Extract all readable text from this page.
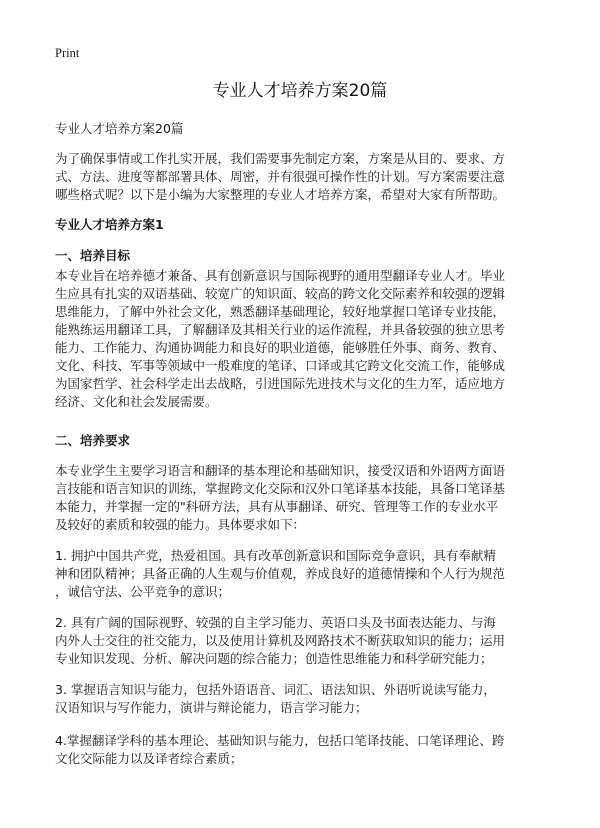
Print
专业人才培养方案20篇
专业人才培养方案20篇

为了确保事情或工作扎实开展，我们需要事先制定方案，方案是从目的、要求、方
式、方法、进度等都部署具体、周密，并有很强可操作性的计划。写方案需要注意
哪些格式呢？以下是小编为大家整理的专业人才培养方案，希望对大家有所帮助。

专业人才培养方案1
一、培养目标

本专业旨在培养德才兼备、具有创新意识与国际视野的通用型翻译专业人才。毕业
生应具有扎实的双语基础、较宽广的知识面、较高的跨文化交际素养和较强的逻辑
思维能力，了解中外社会文化，熟悉翻译基础理论，较好地掌握口笔译专业技能，
能熟练运用翻译工具，了解翻译及其相关行业的运作流程，并具备较强的独立思考
能力、工作能力、沟通协调能力和良好的职业道德，能够胜任外事、商务、教育、
文化、科技、军事等领域中一般难度的笔译、口译或其它跨文化交流工作，能够成
为国家哲学、社会科学走出去战略，引进国际先进技术与文化的生力军，适应地方
经济、文化和社会发展需要。

二、培养要求

本专业学生主要学习语言和翻译的基本理论和基础知识，接受汉语和外语两方面语
言技能和语言知识的训练，掌握跨文化交际和汉外口笔译基本技能，具备口笔译基
本能力，并掌握一定的"科研方法，具有从事翻译、研究、管理等工作的专业水平
及较好的素质和较强的能力。具体要求如下：

1. 拥护中国共产党，热爱祖国。具有改革创新意识和国际竞争意识，具有奉献精
神和团队精神；具备正确的人生观与价值观，养成良好的道德情操和个人行为规范
，诚信守法、公平竞争的意识；

2. 具有广阔的国际视野、较强的自主学习能力、英语口头及书面表达能力、与海
内外人士交往的社交能力，以及使用计算机及网路技术不断获取知识的能力；运用
专业知识发现、分析、解决问题的综合能力；创造性思维能力和科学研究能力；

3. 掌握语言知识与能力，包括外语语音、词汇、语法知识、外语听说读写能力，
汉语知识与写作能力，演讲与辩论能力，语言学习能力；

4.掌握翻译学科的基本理论、基础知识与能力，包括口笔译技能、口笔译理论、跨
文化交际能力以及译者综合素质；
